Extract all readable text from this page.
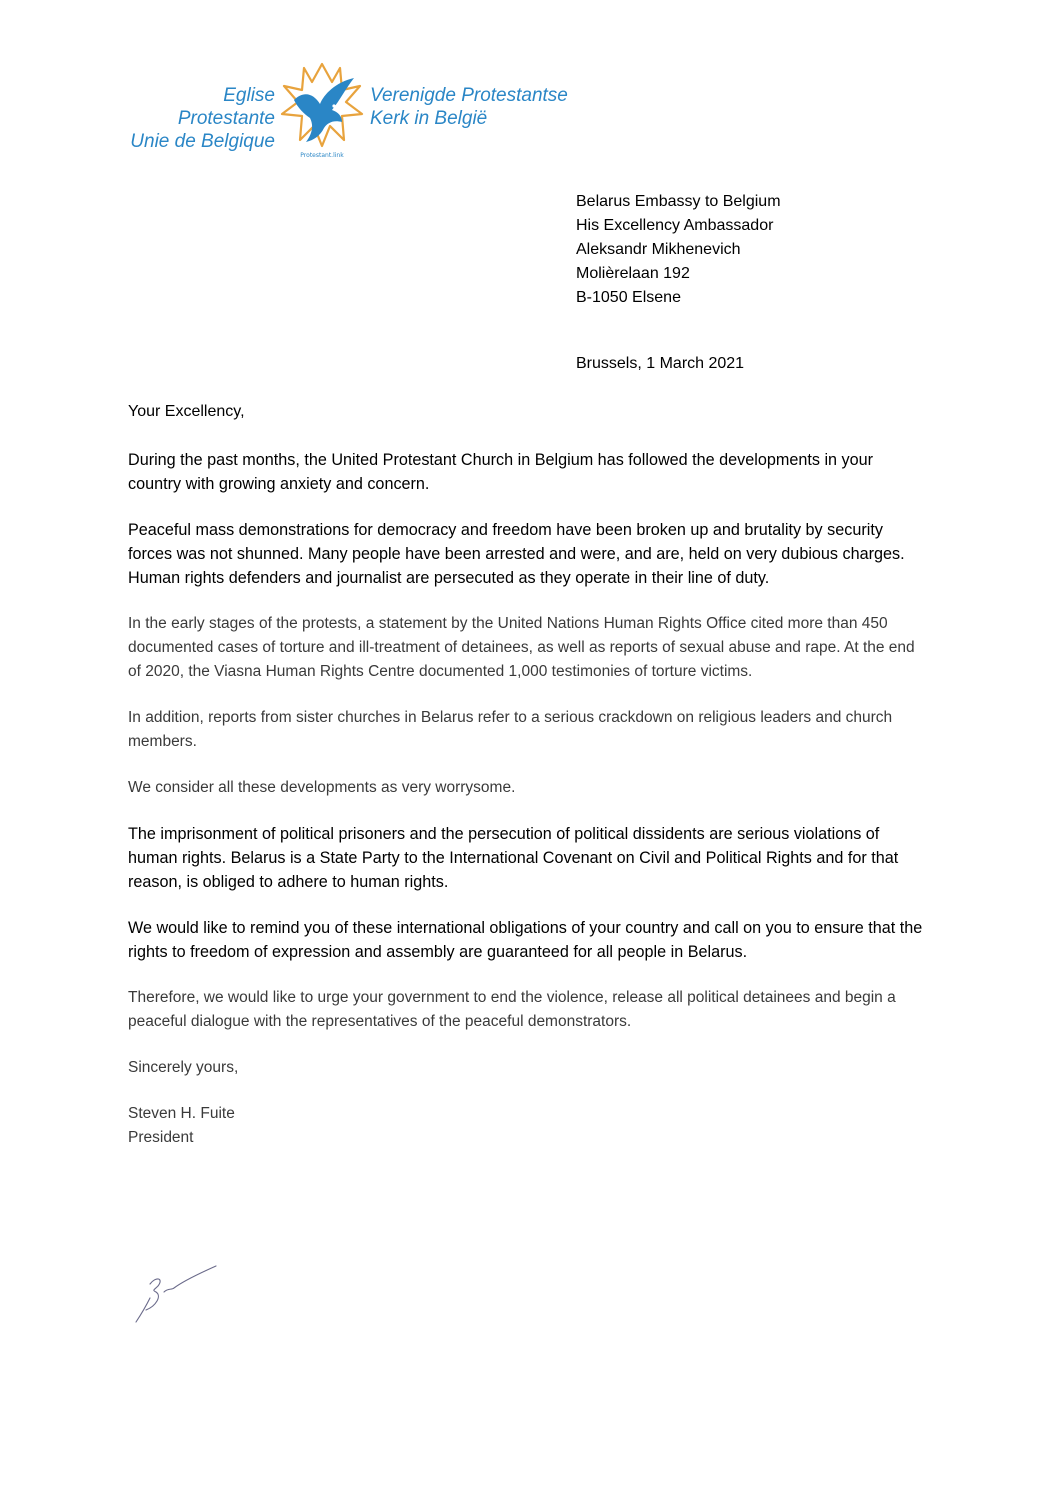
Eglise Protestante
Unie de Belgique
Protestant.link
Verenigde Protestantse
Kerk in België
Belarus Embassy to Belgium
His Excellency Ambassador
Aleksandr Mikhenevich
Molièrelaan 192
B-1050 Elsene
Brussels, 1 March 2021

Your Excellency,

During the past months, the United Protestant Church in Belgium has followed the developments in your country with growing anxiety and concern.

Peaceful mass demonstrations for democracy and freedom have been broken up and brutality by security forces was not shunned. Many people have been arrested and were, and are, held on very dubious charges. Human rights defenders and journalist are persecuted as they operate in their line of duty.

In the early stages of the protests, a statement by the United Nations Human Rights Office cited more than 450 documented cases of torture and ill-treatment of detainees, as well as reports of sexual abuse and rape. At the end of 2020, the Viasna Human Rights Centre documented 1,000 testimonies of torture victims.

In addition, reports from sister churches in Belarus refer to a serious crackdown on religious leaders and church members.

We consider all these developments as very worrysome.

The imprisonment of political prisoners and the persecution of political dissidents are serious violations of human rights. Belarus is a State Party to the International Covenant on Civil and Political Rights and for that reason, is obliged to adhere to human rights.

We would like to remind you of these international obligations of your country and call on you to ensure that the rights to freedom of expression and assembly are guaranteed for all people in Belarus.

Therefore, we would like to urge your government to end the violence, release all political detainees and begin a peaceful dialogue with the representatives of the peaceful demonstrators.

Sincerely yours,

Steven H. Fuite
President
